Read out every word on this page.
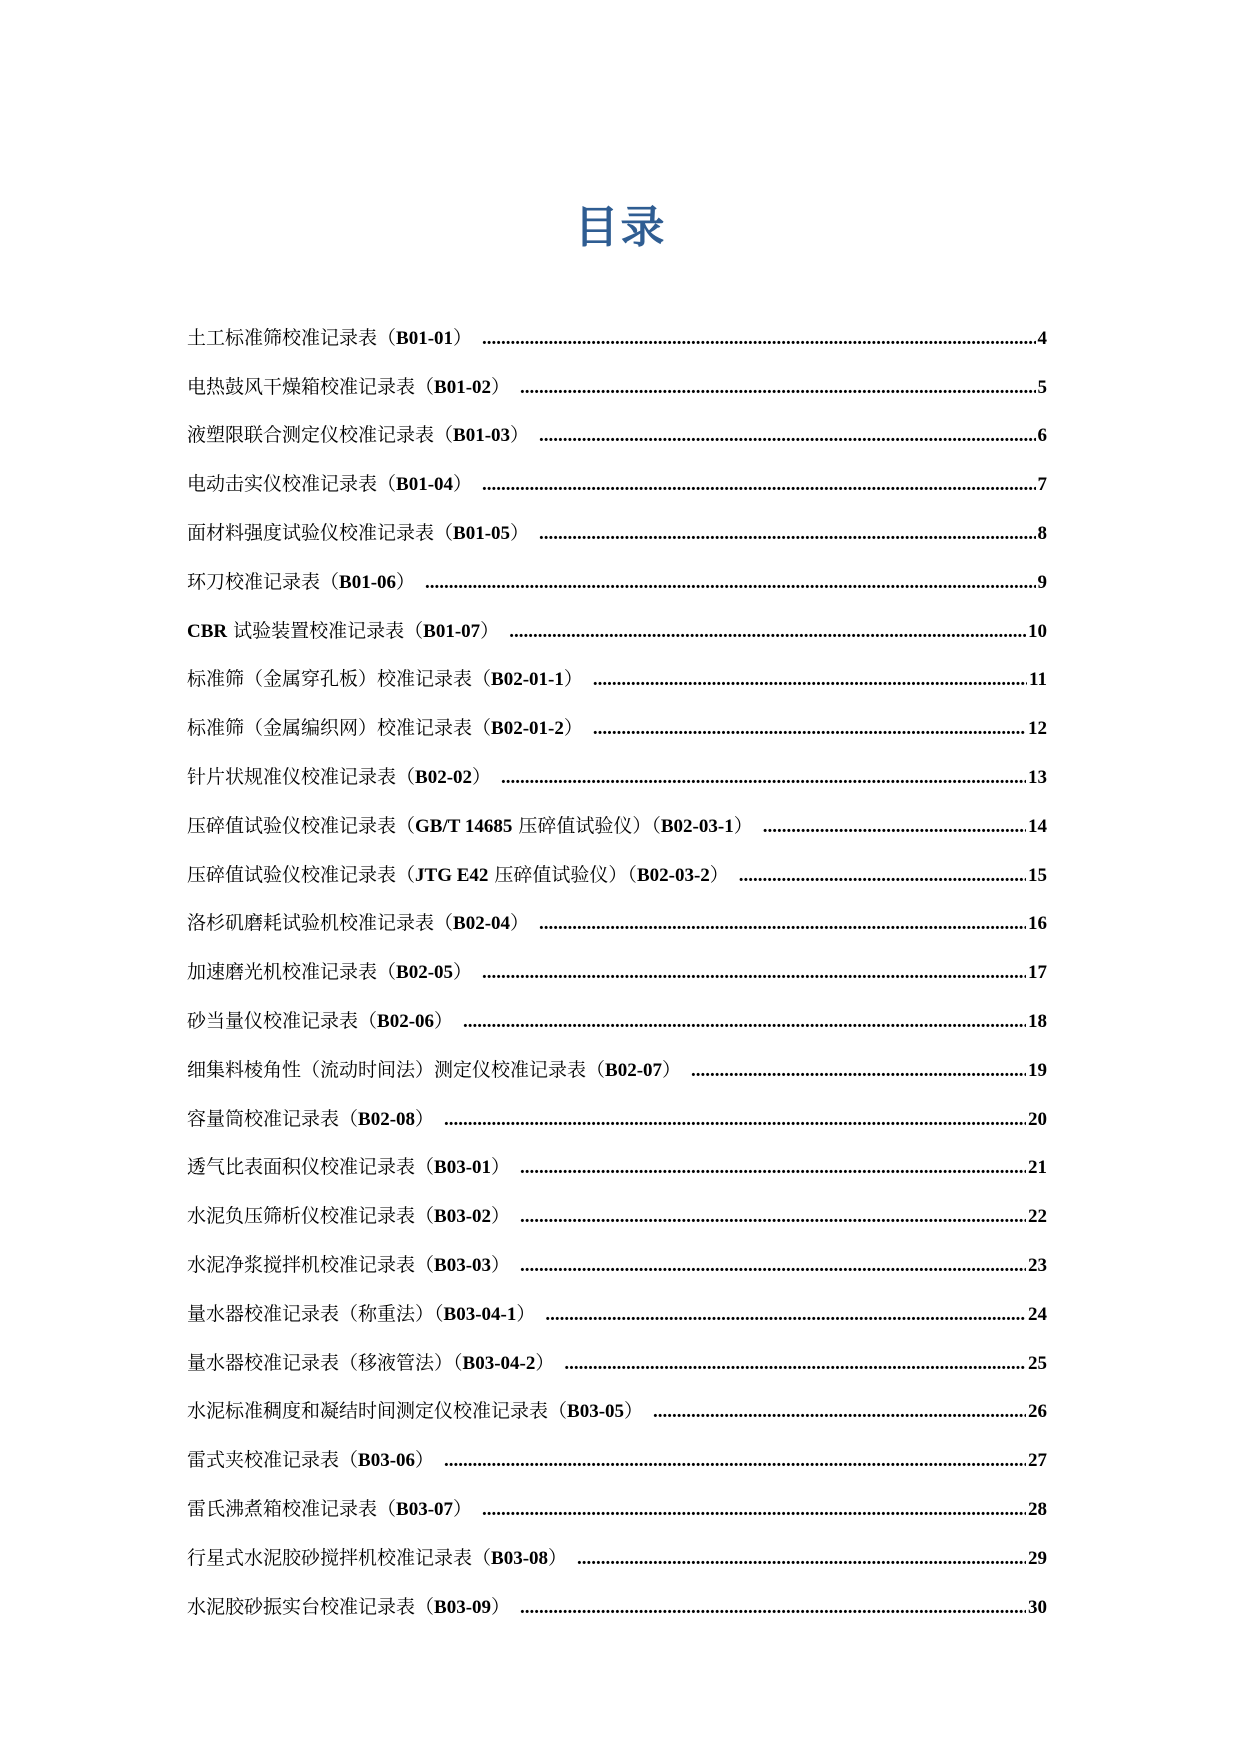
目录
土工标准筛校准记录表（B01-01） .....	4
电热鼓风干燥箱校准记录表（B01-02） .....	5
液塑限联合测定仪校准记录表（B01-03） .....	6
电动击实仪校准记录表（B01-04） .....	7
面材料强度试验仪校准记录表（B01-05） .....	8
环刀校准记录表（B01-06） .....	9
CBR 试验装置校准记录表（B01-07） .....	10
标准筛（金属穿孔板）校准记录表（B02-01-1） .....	11
标准筛（金属编织网）校准记录表（B02-01-2） .....	12
针片状规准仪校准记录表（B02-02） .....	13
压碎值试验仪校准记录表（GB/T 14685 压碎值试验仪）（B02-03-1） .....	14
压碎值试验仪校准记录表（JTG E42 压碎值试验仪）（B02-03-2） .....	15
洛杉矶磨耗试验机校准记录表（B02-04） .....	16
加速磨光机校准记录表（B02-05） .....	17
砂当量仪校准记录表（B02-06） .....	18
细集料棱角性（流动时间法）测定仪校准记录表（B02-07） .....	19
容量筒校准记录表（B02-08） .....	20
透气比表面积仪校准记录表（B03-01） .....	21
水泥负压筛析仪校准记录表（B03-02） .....	22
水泥净浆搅拌机校准记录表（B03-03） .....	23
量水器校准记录表（称重法）（B03-04-1） .....	24
量水器校准记录表（移液管法）（B03-04-2） .....	25
水泥标准稠度和凝结时间测定仪校准记录表（B03-05） .....	26
雷式夹校准记录表（B03-06） .....	27
雷氏沸煮箱校准记录表（B03-07） .....	28
行星式水泥胶砂搅拌机校准记录表（B03-08） .....	29
水泥胶砂振实台校准记录表（B03-09） .....	30
